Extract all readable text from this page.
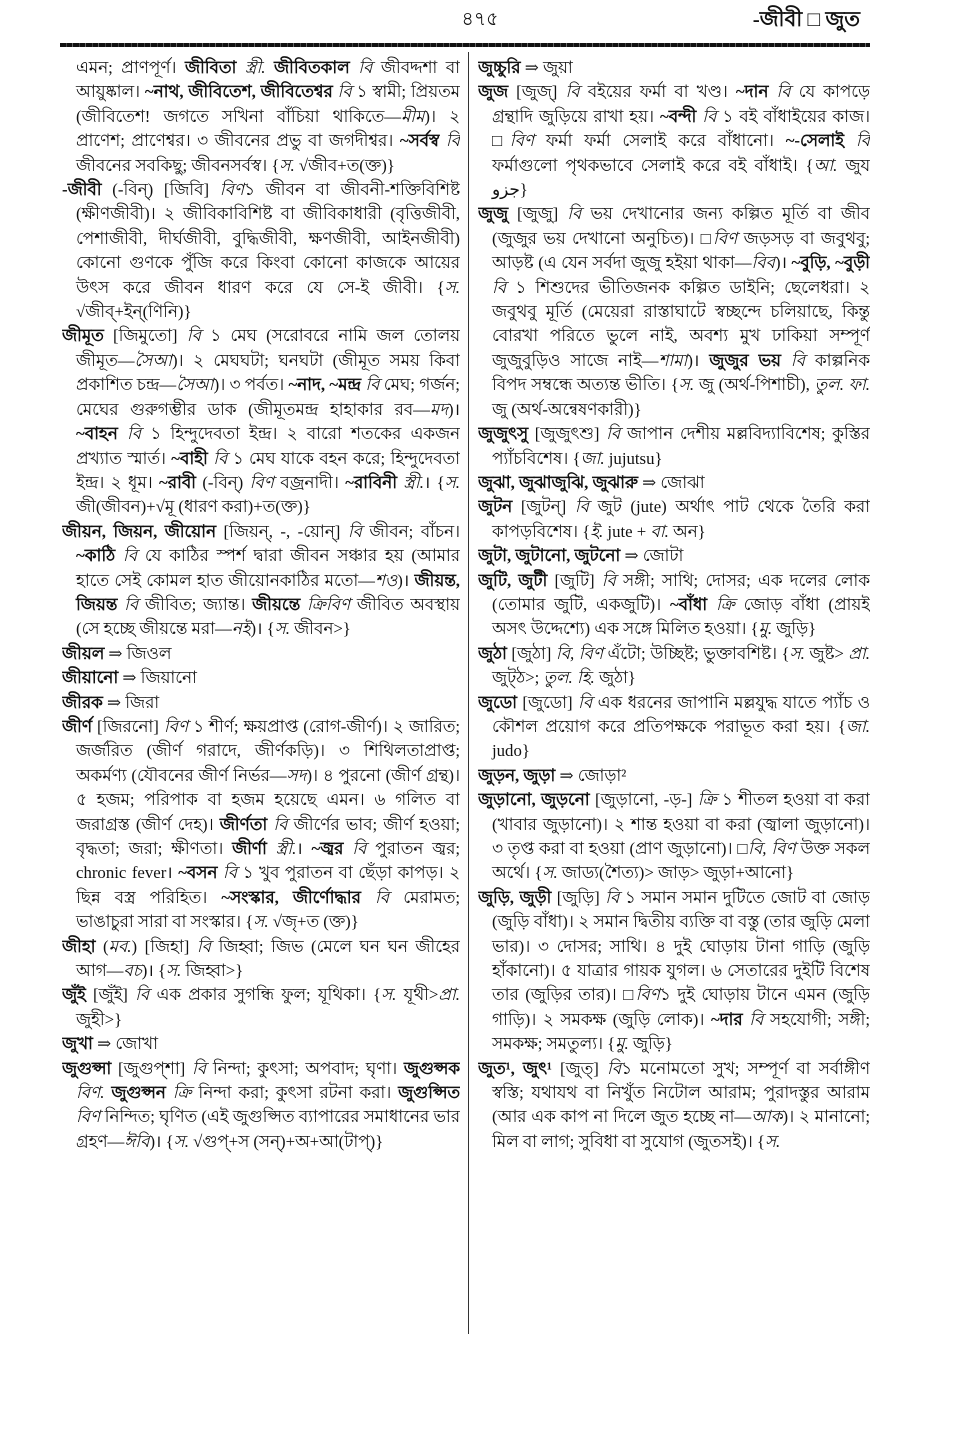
৪৭৫	-জীবী □ জুত

এমন; প্রাণপূর্ণ। জীবিতা স্ত্রী. জীবিতকাল বি জীবদ্দশা বা আয়ুষ্কাল। ~নাথ, জীবিতেশ, জীবিতেশ্বর বি ১ স্বামী; প্রিয়তম (জীবিতেশ! জগতে সখিনা বাঁচিয়া থাকিতে—মীম)। ২ প্রাণেশ; প্রাণেশ্বর। ৩ জীবনের প্রভু বা জগদীশ্বর। ~সর্বস্ব বি জীবনের সবকিছু; জীবনসর্বস্ব। {স. √জীব+ত(ক্ত)}

-জীবী (-বিন্) [জিবি] বিণ১ জীবন বা জীবনী-শক্তিবিশিষ্ট (ক্ষীণজীবী)। ২ জীবিকাবিশিষ্ট বা জীবিকাধারী (বৃত্তিজীবী, পেশাজীবী, দীর্ঘজীবী, বুদ্ধিজীবী, ক্ষণজীবী, আইনজীবী) কোনো গুণকে পুঁজি করে কিংবা কোনো কাজকে আয়ের উৎস করে জীবন ধারণ করে যে সে-ই জীবী। {স. √জীব্+ইন্(ণিনি)}

জীমূত [জিমুতো] বি ১ মেঘ (সরোবরে নামি জল তোলয় জীমূত—সৈআ)। ২ মেঘঘটা; ঘনঘটা (জীমূত সময় কিবা প্রকাশিত চন্দ্র—সৈআ)। ৩ পর্বত। ~নাদ, ~মন্দ্র বি মেঘ; গর্জন; মেঘের গুরুগম্ভীর ডাক (জীমূতমন্দ্র হাহাকার রব—মদ)। ~বাহন বি ১ হিন্দুদেবতা ইন্দ্র। ২ বারো শতকের একজন প্রখ্যাত স্মার্ত। ~বাহী বি ১ মেঘ যাকে বহন করে; হিন্দুদেবতা ইন্দ্র। ২ ধূম। ~রাবী (-বিন্) বিণ বজ্রনাদী। ~রাবিনী স্ত্রী.। {স. জী(জীবন)+√মূ (ধারণ করা)+ত(ক্ত)}

জীয়ন, জিয়ন, জীয়োন [জিয়ন্, -, -য়োন্] বি জীবন; বাঁচন। ~কাঠি বি যে কাঠির স্পর্শ দ্বারা জীবন সঞ্চার হয় (আমার হাতে সেই কোমল হাত জীয়োনকাঠির মতো—শও)। জীয়ন্ত, জিয়ন্ত বি জীবিত; জ্যান্ত। জীয়ন্তে ক্রিবিণ জীবিত অবস্থায় (সে হচ্ছে জীয়ন্তে মরা—নই)। {স. জীবন>}

জীয়ল ⇒ জিওল

জীয়ানো ⇒ জিয়ানো

জীরক ⇒ জিরা

জীর্ণ [জিরনো] বিণ ১ শীর্ণ; ক্ষয়প্রাপ্ত (রোগ-জীর্ণ)। ২ জারিত; জর্জরিত (জীর্ণ গরাদে, জীর্ণকড়ি)। ৩ শিথিলতাপ্রাপ্ত; অকর্মণ্য (যৌবনের জীর্ণ নির্ভর—সদ)। ৪ পুরনো (জীর্ণ গ্রন্থ)। ৫ হজম; পরিপাক বা হজম হয়েছে এমন। ৬ গলিত বা জরাগ্রস্ত (জীর্ণ দেহ)। জীর্ণতা বি জীর্ণের ভাব; জীর্ণ হওয়া; বৃদ্ধতা; জরা; ক্ষীণতা। জীর্ণা স্ত্রী.। ~জ্বর বি পুরাতন জ্বর; chronic fever। ~বসন বি ১ খুব পুরাতন বা ছেঁড়া কাপড়। ২ ছিন্ন বস্ত্র পরিহিত। ~সংস্কার, জীর্ণোদ্ধার বি মেরামত; ভাঙাচুরা সারা বা সংস্কার। {স. √জৃ+ত (ক্ত)}

জীহা (মব.) [জিহা] বি জিহ্বা; জিভ (মেলে ঘন ঘন জীহের আগ—বচ)। {স. জিহ্বা>}

জুঁই [জুঁই] বি এক প্রকার সুগন্ধি ফুল; যূথিকা। {স. যূথী>প্রা. জুহী>}

জুখা ⇒ জোখা

জুগুপ্সা [জুগুপ্‌শা] বি নিন্দা; কুৎসা; অপবাদ; ঘৃণা। জুগুপ্সক বিণ. জুগুপ্সন ক্রি নিন্দা করা; কুৎসা রটনা করা। জুগুপ্সিত বিণ নিন্দিত; ঘৃণিত (এই জুগুপ্সিত ব্যাপারের সমাধানের ভার গ্রহণ—ঈবি)। {স. √গুপ্+স (সন্)+অ+আ(টাপ্)}

জুচ্চুরি ⇒ জুয়া

জুজ [জুজ্] বি বইয়ের ফর্মা বা খণ্ড। ~দান বি যে কাপড়ে গ্রন্থাদি জুড়িয়ে রাখা হয়। ~বন্দী বি ১ বই বাঁধাইয়ের কাজ। □বিণ ফর্মা ফর্মা সেলাই করে বাঁধানো। ~-সেলাই বি ফর্মাগুলো পৃথকভাবে সেলাই করে বই বাঁধাই। {আ. জুয جزو}

জুজু [জুজু] বি ভয় দেখানোর জন্য কল্পিত মূর্তি বা জীব (জুজুর ভয় দেখানো অনুচিত)। □বিণ জড়সড় বা জবুথবু; আড়ষ্ট (এ যেন সর্বদা জুজু হইয়া থাকা—বিব)। ~বুড়ি, ~বুড়ী বি ১ শিশুদের ভীতিজনক কল্পিত ডাইনি; ছেলেধরা। ২ জবুথবু মূর্তি (মেয়েরা রাস্তাঘাটে স্বচ্ছন্দে চলিয়াছে, কিন্তু বোরখা পরিতে ভুলে নাই, অবশ্য মুখ ঢাকিয়া সম্পূর্ণ জুজুবুড়িও সাজে নাই—শামা)। জুজুর ভয় বি কাল্পনিক বিপদ সম্বন্ধে অত্যন্ত ভীতি। {স. জু (অর্থ-পিশাচী), তুল. ফা. জু (অর্থ-অন্বেষণকারী)}

জুজুৎসু [জুজুৎশু] বি জাপান দেশীয় মল্লবিদ্যাবিশেষ; কুস্তির প্যাঁচবিশেষ। {জা. jujutsu}

জুঝা, জুঝাজুঝি, জুঝারু ⇒ জোঝা

জুটন [জুটন্] বি জুট (jute) অর্থাৎ পাট থেকে তৈরি করা কাপড়বিশেষ। {ই. jute + বা. অন}

জুটা, জুটানো, জুটনো ⇒ জোটা

জুটি, জুটী [জুটি] বি সঙ্গী; সাথি; দোসর; এক দলের লোক (তোমার জুটি, একজুটি)। ~বাঁধা ক্রি জোড় বাঁধা (প্রায়ই অসৎ উদ্দেশ্যে) এক সঙ্গে মিলিত হওয়া। {মু. জুড়ি}

জুঠা [জুঠা] বি, বিণ এঁটো; উচ্ছিষ্ট; ভুক্তাবশিষ্ট। {স. জুষ্ট> প্রা. জুট্‌ঠ>; তুল. হি. জুঠা}

জুডো [জুডো] বি এক ধরনের জাপানি মল্লযুদ্ধ যাতে প্যাঁচ ও কৌশল প্রয়োগ করে প্রতিপক্ষকে পরাভূত করা হয়। {জা. judo}

জুড়ন, জুড়া ⇒ জোড়া²

জুড়ানো, জুড়নো [জুড়ানো, -ড়-] ক্রি ১ শীতল হওয়া বা করা (খাবার জুড়ানো)। ২ শান্ত হওয়া বা করা (জ্বালা জুড়ানো)। ৩ তৃপ্ত করা বা হওয়া (প্রাণ জুড়ানো)। □বি, বিণ উক্ত সকল অর্থে। {স. জাড্য(শৈত্য)> জাড়> জুড়া+আনো}

জুড়ি, জুড়ী [জুড়ি] বি ১ সমান সমান দুটিতে জোট বা জোড় (জুড়ি বাঁধা)। ২ সমান দ্বিতীয় ব্যক্তি বা বস্তু (তার জুড়ি মেলা ভার)। ৩ দোসর; সাথি। ৪ দুই ঘোড়ায় টানা গাড়ি (জুড়ি হাঁকানো)। ৫ যাত্রার গায়ক যুগল। ৬ সেতারের দুইটি বিশেষ তার (জুড়ির তার)। □বিণ১ দুই ঘোড়ায় টানে এমন (জুড়ি গাড়ি)। ২ সমকক্ষ (জুড়ি লোক)। ~দার বি সহযোগী; সঙ্গী; সমকক্ষ; সমতুল্য। {মু. জুড়ি}

জুত¹, জুৎ¹ [জুত্] বি১ মনোমতো সুখ; সম্পূর্ণ বা সর্বাঙ্গীণ স্বস্তি; যথাযথ বা নিখুঁত নিটোল আরাম; পুরাদস্তুর আরাম (আর এক কাপ না দিলে জুত হচ্ছে না—আক)। ২ মানানো; মিল বা লাগ; সুবিধা বা সুযোগ (জুতসই)। {স.
